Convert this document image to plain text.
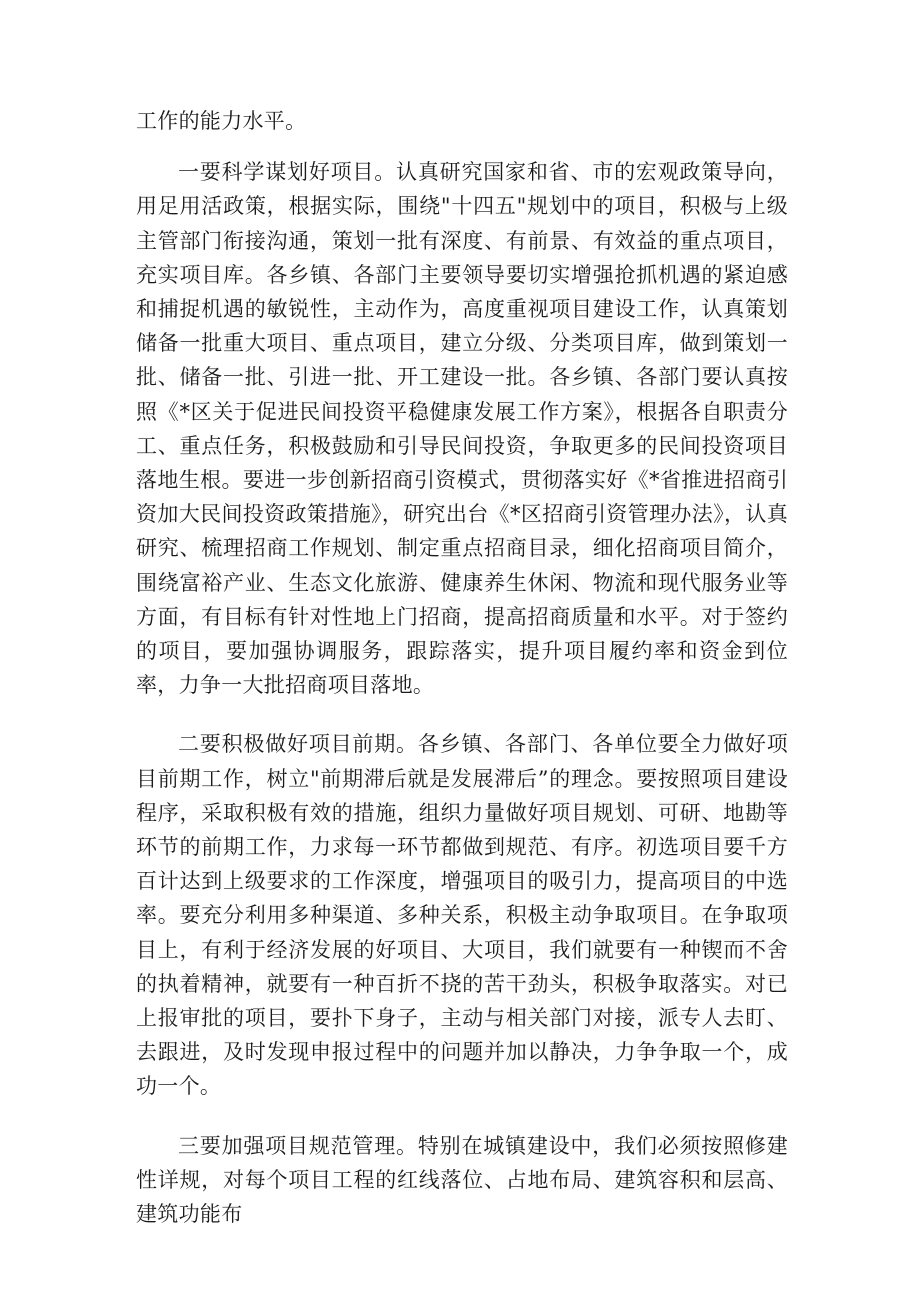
工作的能力水平。

一要科学谋划好项目。认真研究国家和省、市的宏观政策导向，用足用活政策，根据实际，围绕"十四五"规划中的项目，积极与上级主管部门衔接沟通，策划一批有深度、有前景、有效益的重点项目，充实项目库。各乡镇、各部门主要领导要切实增强抢抓机遇的紧迫感和捕捉机遇的敏锐性，主动作为，高度重视项目建设工作，认真策划储备一批重大项目、重点项目，建立分级、分类项目库，做到策划一批、储备一批、引进一批、开工建设一批。各乡镇、各部门要认真按照《*区关于促进民间投资平稳健康发展工作方案》，根据各自职责分工、重点任务，积极鼓励和引导民间投资，争取更多的民间投资项目落地生根。要进一步创新招商引资模式，贯彻落实好《*省推进招商引资加大民间投资政策措施》，研究出台《*区招商引资管理办法》，认真研究、梳理招商工作规划、制定重点招商目录，细化招商项目简介，围绕富裕产业、生态文化旅游、健康养生休闲、物流和现代服务业等方面，有目标有针对性地上门招商，提高招商质量和水平。对于签约的项目，要加强协调服务，跟踪落实，提升项目履约率和资金到位率，力争一大批招商项目落地。

二要积极做好项目前期。各乡镇、各部门、各单位要全力做好项目前期工作，树立"前期滞后就是发展滞后”的理念。要按照项目建设程序，采取积极有效的措施，组织力量做好项目规划、可研、地勘等环节的前期工作，力求每一环节都做到规范、有序。初选项目要千方百计达到上级要求的工作深度，增强项目的吸引力，提高项目的中选率。要充分利用多种渠道、多种关系，积极主动争取项目。在争取项目上，有利于经济发展的好项目、大项目，我们就要有一种锲而不舍的执着精神，就要有一种百折不挠的苦干劲头，积极争取落实。对已上报审批的项目，要扑下身子，主动与相关部门对接，派专人去盯、去跟进，及时发现申报过程中的问题并加以静决，力争争取一个，成功一个。

三要加强项目规范管理。特别在城镇建设中，我们必须按照修建性详规，对每个项目工程的红线落位、占地布局、建筑容积和层高、建筑功能布
